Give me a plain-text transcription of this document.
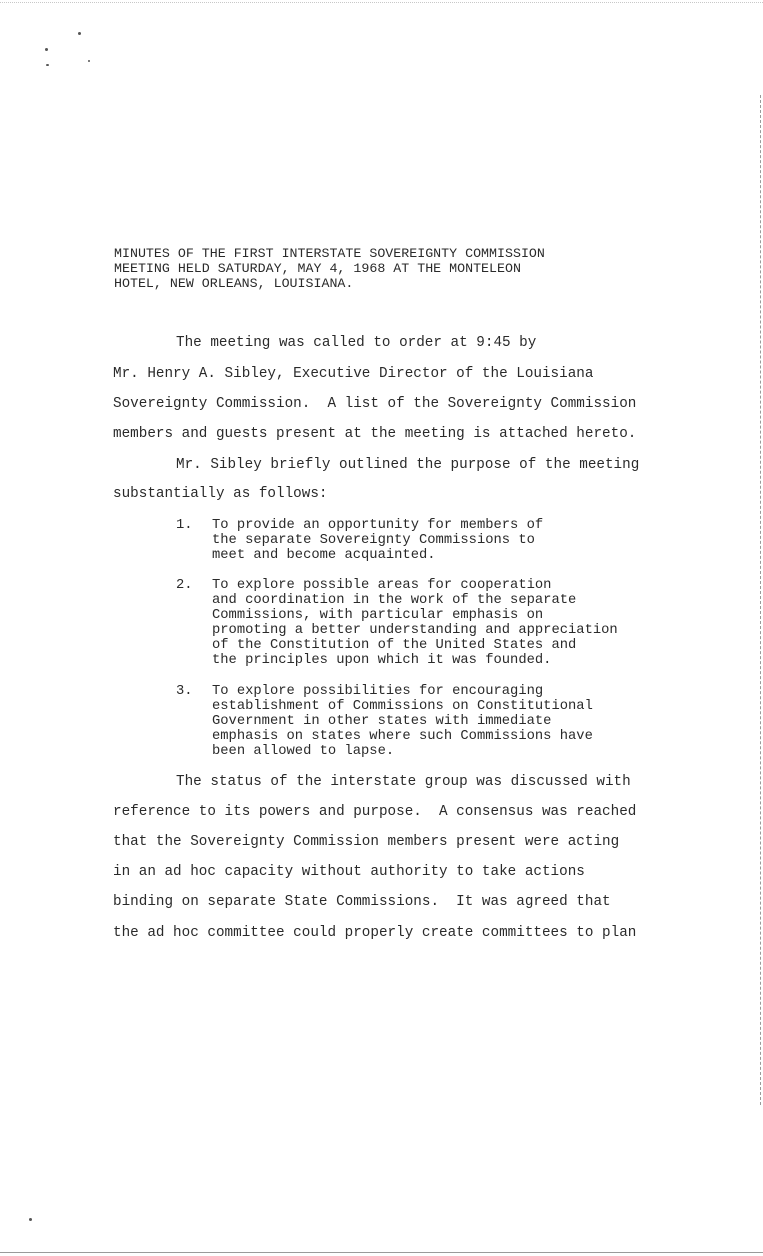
MINUTES OF THE FIRST INTERSTATE SOVEREIGNTY COMMISSION
MEETING HELD SATURDAY, MAY 4, 1968 AT THE MONTELEON
HOTEL, NEW ORLEANS, LOUISIANA.
The meeting was called to order at 9:45 by
Mr. Henry A. Sibley, Executive Director of the Louisiana
Sovereignty Commission.  A list of the Sovereignty Commission
members and guests present at the meeting is attached hereto.
Mr. Sibley briefly outlined the purpose of the meeting
substantially as follows:
1. To provide an opportunity for members of
the separate Sovereignty Commissions to
meet and become acquainted.
2. To explore possible areas for cooperation
and coordination in the work of the separate
Commissions, with particular emphasis on
promoting a better understanding and appreciation
of the Constitution of the United States and
the principles upon which it was founded.
3. To explore possibilities for encouraging
establishment of Commissions on Constitutional
Government in other states with immediate
emphasis on states where such Commissions have
been allowed to lapse.
The status of the interstate group was discussed with
reference to its powers and purpose.  A consensus was reached
that the Sovereignty Commission members present were acting
in an ad hoc capacity without authority to take actions
binding on separate State Commissions.  It was agreed that
the ad hoc committee could properly create committees to plan
